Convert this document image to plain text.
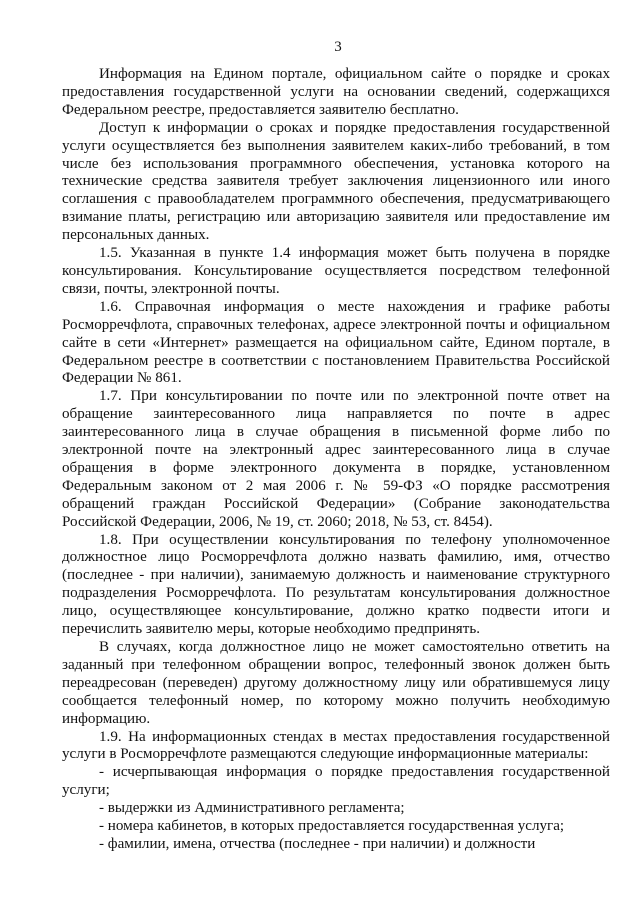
3

Информация на Едином портале, официальном сайте о порядке и сроках предоставления государственной услуги на основании сведений, содержащихся Федеральном реестре, предоставляется заявителю бесплатно.

Доступ к информации о сроках и порядке предоставления государственной услуги осуществляется без выполнения заявителем каких-либо требований, в том числе без использования программного обеспечения, установка которого на технические средства заявителя требует заключения лицензионного или иного соглашения с правообладателем программного обеспечения, предусматривающего взимание платы, регистрацию или авторизацию заявителя или предоставление им персональных данных.

1.5. Указанная в пункте 1.4 информация может быть получена в порядке консультирования. Консультирование осуществляется посредством телефонной связи, почты, электронной почты.

1.6. Справочная информация о месте нахождения и графике работы Росморречфлота, справочных телефонах, адресе электронной почты и официальном сайте в сети «Интернет» размещается на официальном сайте, Едином портале, в Федеральном реестре в соответствии с постановлением Правительства Российской Федерации № 861.

1.7. При консультировании по почте или по электронной почте ответ на обращение заинтересованного лица направляется по почте в адрес заинтересованного лица в случае обращения в письменной форме либо по электронной почте на электронный адрес заинтересованного лица в случае обращения в форме электронного документа в порядке, установленном Федеральным законом от 2 мая 2006 г. № 59-ФЗ «О порядке рассмотрения обращений граждан Российской Федерации» (Собрание законодательства Российской Федерации, 2006, № 19, ст. 2060; 2018, № 53, ст. 8454).

1.8. При осуществлении консультирования по телефону уполномоченное должностное лицо Росморречфлота должно назвать фамилию, имя, отчество (последнее - при наличии), занимаемую должность и наименование структурного подразделения Росморречфлота. По результатам консультирования должностное лицо, осуществляющее консультирование, должно кратко подвести итоги и перечислить заявителю меры, которые необходимо предпринять.

В случаях, когда должностное лицо не может самостоятельно ответить на заданный при телефонном обращении вопрос, телефонный звонок должен быть переадресован (переведен) другому должностному лицу или обратившемуся лицу сообщается телефонный номер, по которому можно получить необходимую информацию.

1.9. На информационных стендах в местах предоставления государственной услуги в Росморречфлоте размещаются следующие информационные материалы:

- исчерпывающая информация о порядке предоставления государственной услуги;

- выдержки из Административного регламента;

- номера кабинетов, в которых предоставляется государственная услуга;

- фамилии, имена, отчества (последнее - при наличии) и должности
